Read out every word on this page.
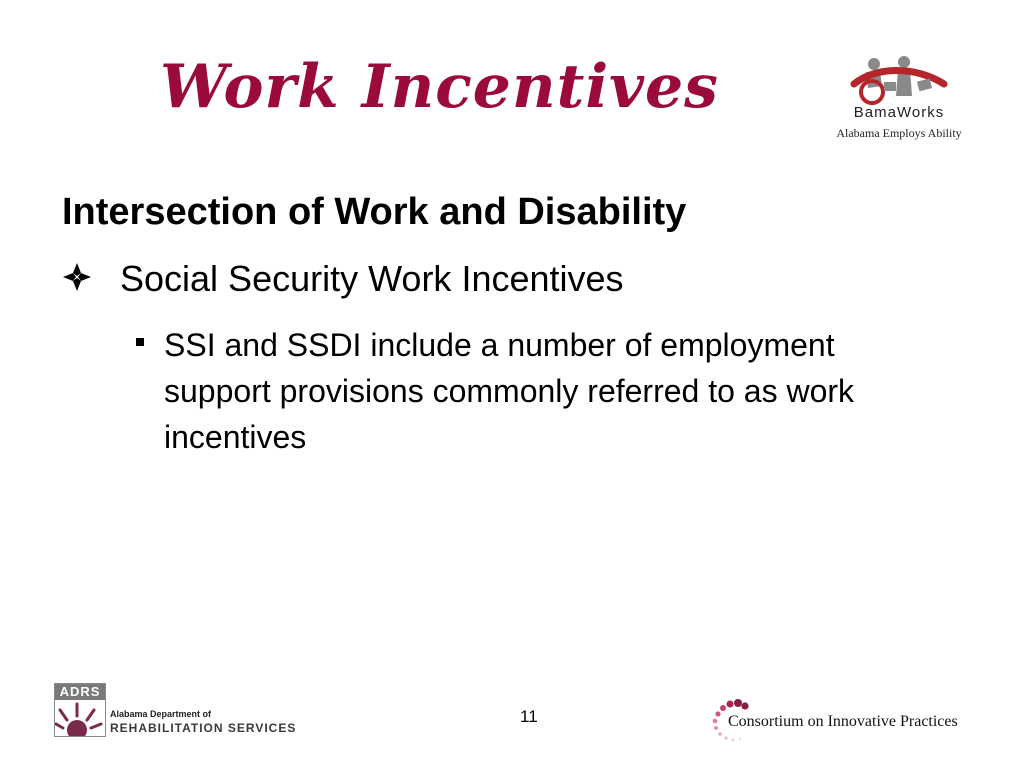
Work Incentives	BamaWorks
Alabama Employs Ability
Intersection of Work and Disability
Social Security Work Incentives
SSI and SSDI include a number of employment support provisions commonly referred to as work incentives
11
ADRS
Alabama Department of
REHABILITATION SERVICES	Consortium on Innovative Practices
